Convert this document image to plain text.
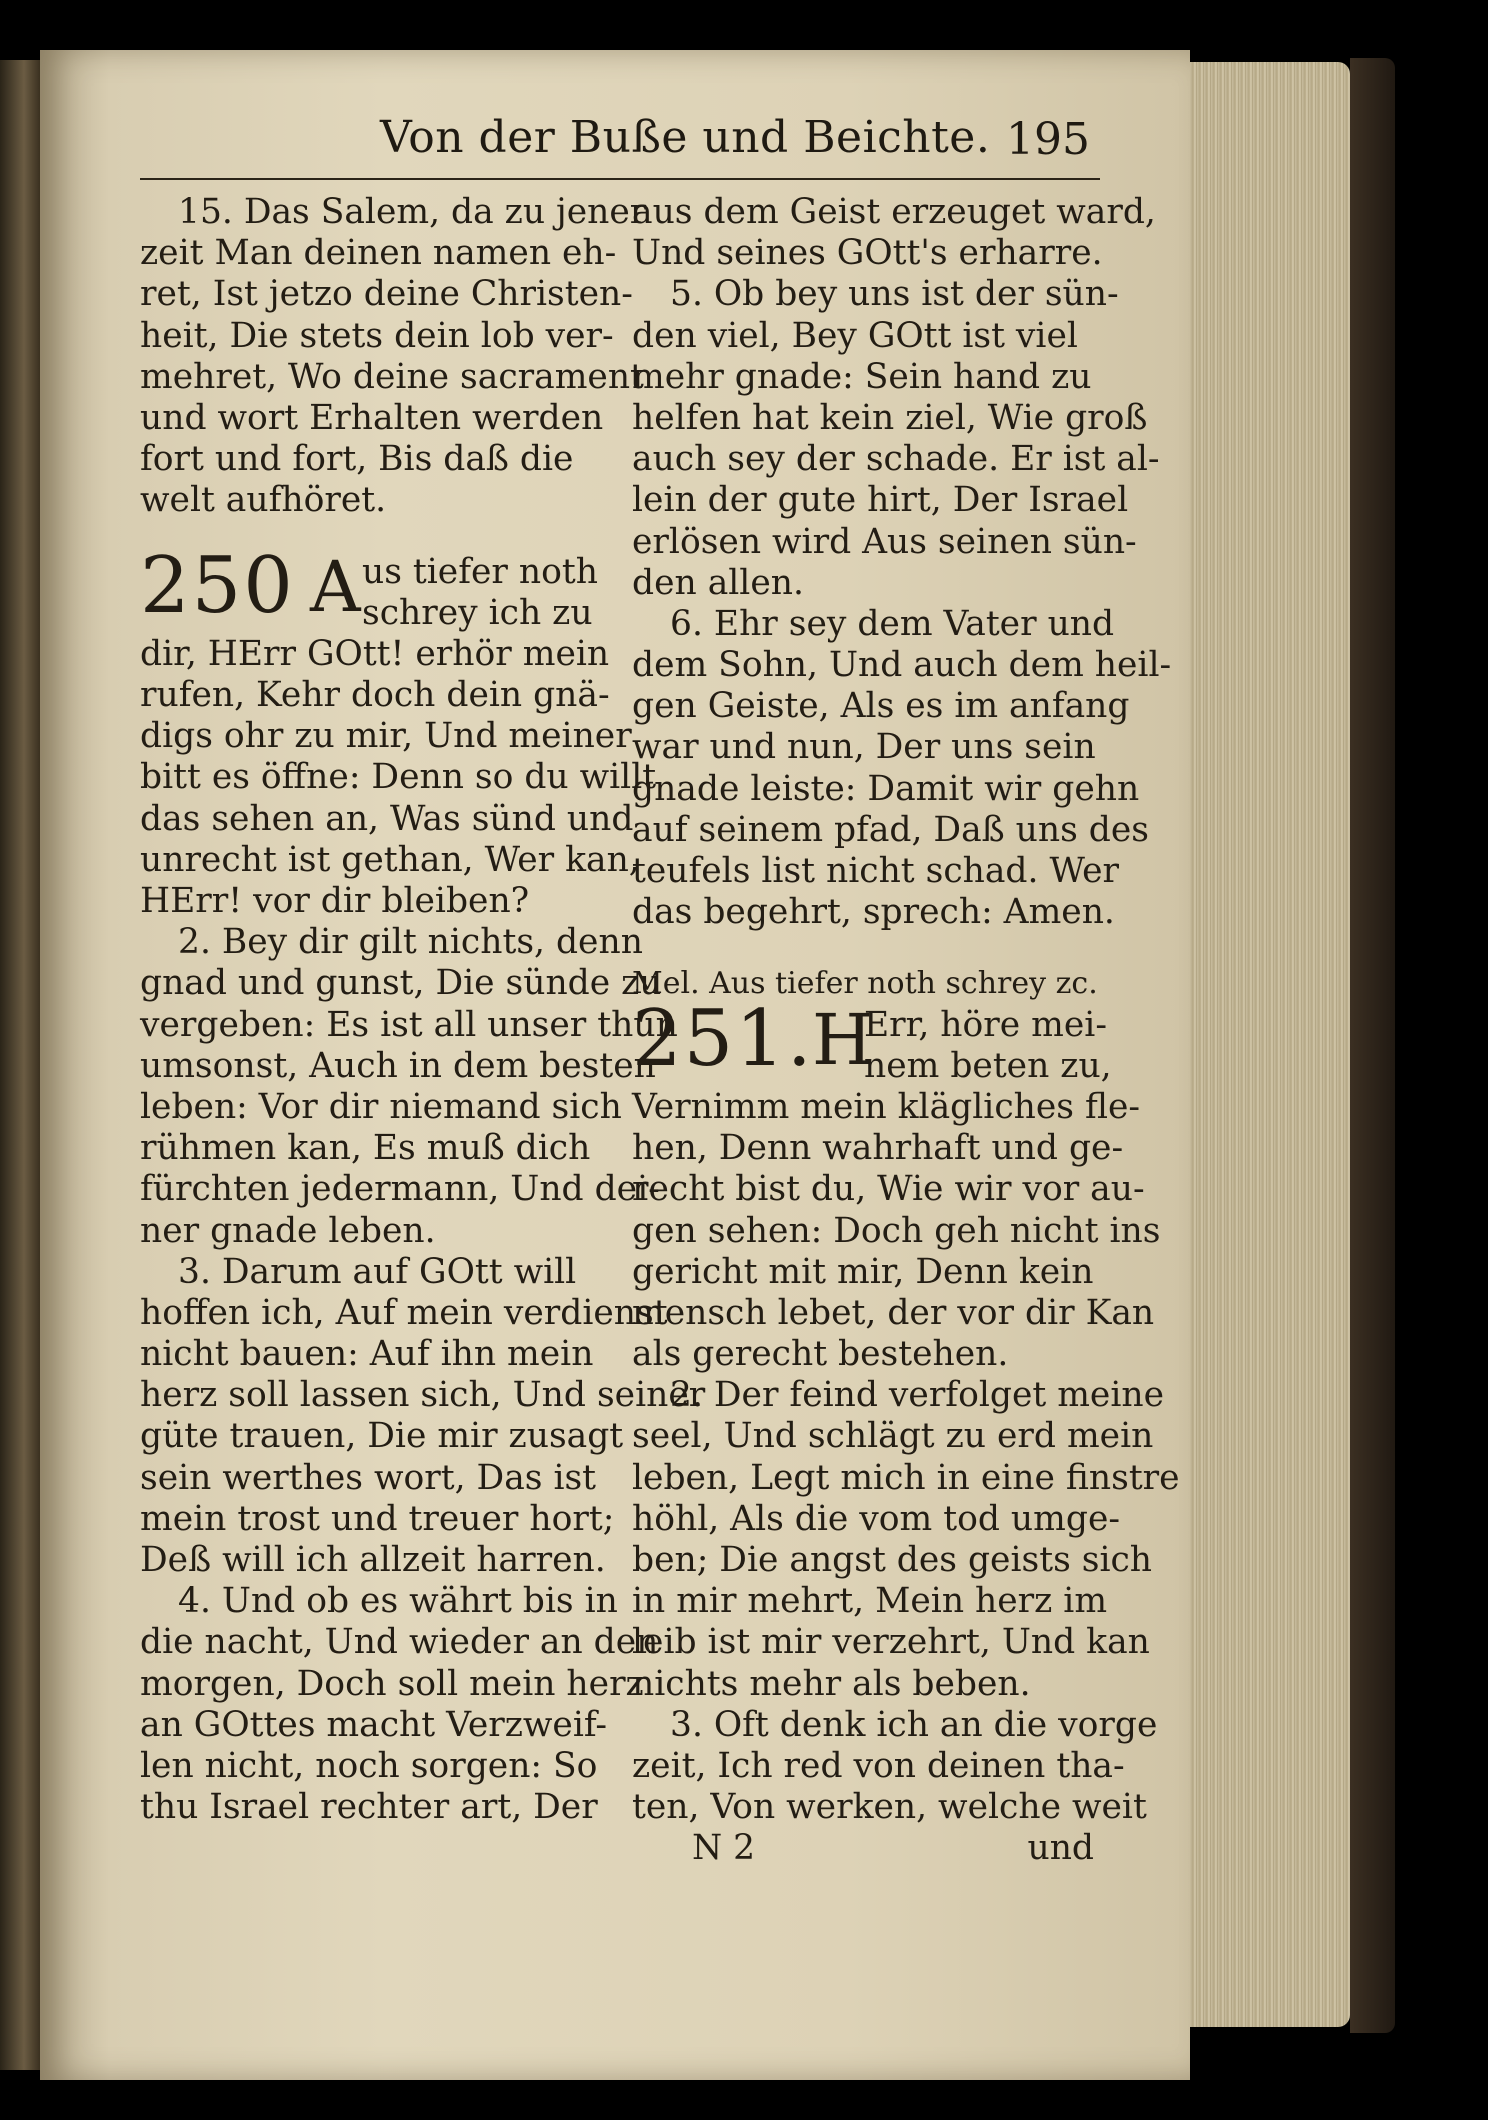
Von der Buße und Beichte. 195
15. Das Salem, da zu jener
zeit Man deinen namen eh-
ret, Ist jetzo deine Christen-
heit, Die stets dein lob ver-
mehret, Wo deine sacrament
und wort Erhalten werden
fort und fort, Bis daß die
welt aufhöret.
250 A us tiefer noth
schrey ich zu
dir, HErr GOtt! erhör mein
rufen, Kehr doch dein gnä-
digs ohr zu mir, Und meiner
bitt es öffne: Denn so du willt
das sehen an, Was sünd und
unrecht ist gethan, Wer kan,
HErr! vor dir bleiben?
2. Bey dir gilt nichts, denn
gnad und gunst, Die sünde zu
vergeben: Es ist all unser thun
umsonst, Auch in dem besten
leben: Vor dir niemand sich
rühmen kan, Es muß dich
fürchten jedermann, Und dei-
ner gnade leben.
3. Darum auf GOtt will
hoffen ich, Auf mein verdienst
nicht bauen: Auf ihn mein
herz soll lassen sich, Und seiner
güte trauen, Die mir zusagt
sein werthes wort, Das ist
mein trost und treuer hort;
Deß will ich allzeit harren.
4. Und ob es währt bis in
die nacht, Und wieder an den
morgen, Doch soll mein herz
an GOttes macht Verzweif-
len nicht, noch sorgen: So
thu Israel rechter art, Der
aus dem Geist erzeuget ward,
Und seines GOtt's erharre.
5. Ob bey uns ist der sün-
den viel, Bey GOtt ist viel
mehr gnade: Sein hand zu
helfen hat kein ziel, Wie groß
auch sey der schade. Er ist al-
lein der gute hirt, Der Israel
erlösen wird Aus seinen sün-
den allen.
6. Ehr sey dem Vater und
dem Sohn, Und auch dem heil-
gen Geiste, Als es im anfang
war und nun, Der uns sein
gnade leiste: Damit wir gehn
auf seinem pfad, Daß uns des
teufels list nicht schad. Wer
das begehrt, sprech: Amen.
Mel. Aus tiefer noth schrey zc.
251.
H
Err, höre mei-
nem beten zu,
Vernimm mein klägliches fle-
hen, Denn wahrhaft und ge-
recht bist du, Wie wir vor au-
gen sehen: Doch geh nicht ins
gericht mit mir, Denn kein
mensch lebet, der vor dir Kan
als gerecht bestehen.
2. Der feind verfolget meine
seel, Und schlägt zu erd mein
leben, Legt mich in eine finstre
höhl, Als die vom tod umge-
ben; Die angst des geists sich
in mir mehrt, Mein herz im
leib ist mir verzehrt, Und kan
nichts mehr als beben.
3. Oft denk ich an die vorge
zeit, Ich red von deinen tha-
ten, Von werken, welche weit
N 2	und
